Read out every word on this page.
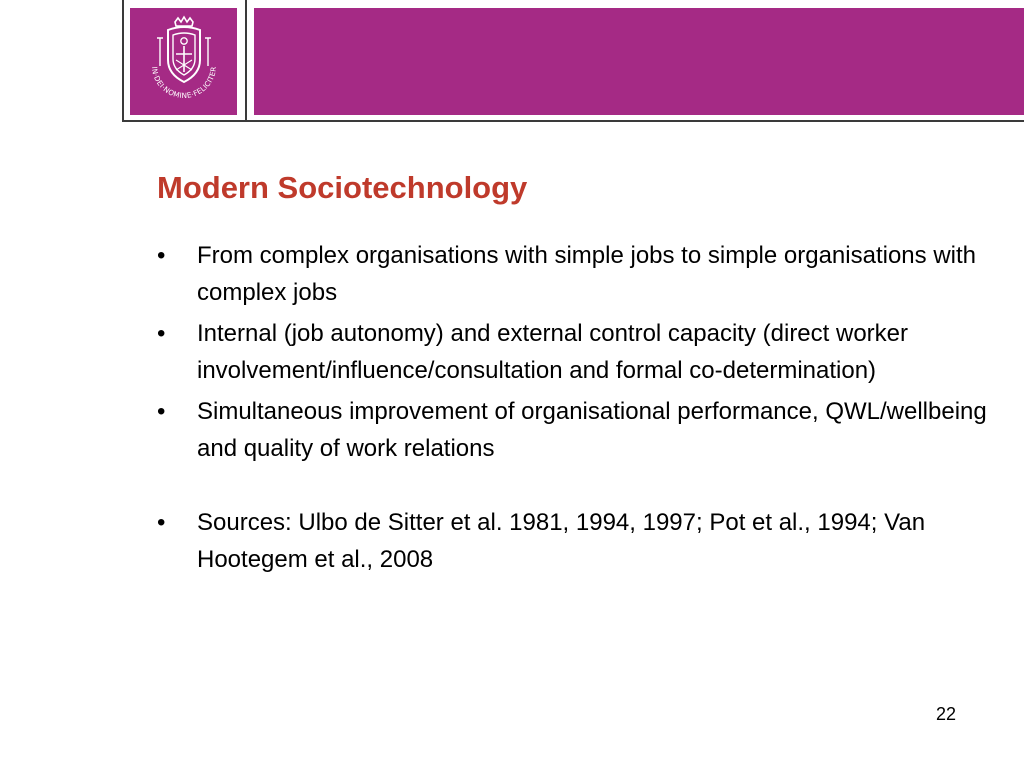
IN·DEI·NOMINE·FELICITER
Modern Sociotechnology
•	From complex organisations with simple jobs to simple organisations with complex jobs
•	Internal (job autonomy) and external control capacity (direct worker involvement/influence/consultation and formal co-determination)
•	Simultaneous improvement of organisational performance, QWL/wellbeing and quality of work relations
•	Sources: Ulbo de Sitter et al. 1981, 1994, 1997; Pot et al., 1994; Van Hootegem et al., 2008
22
